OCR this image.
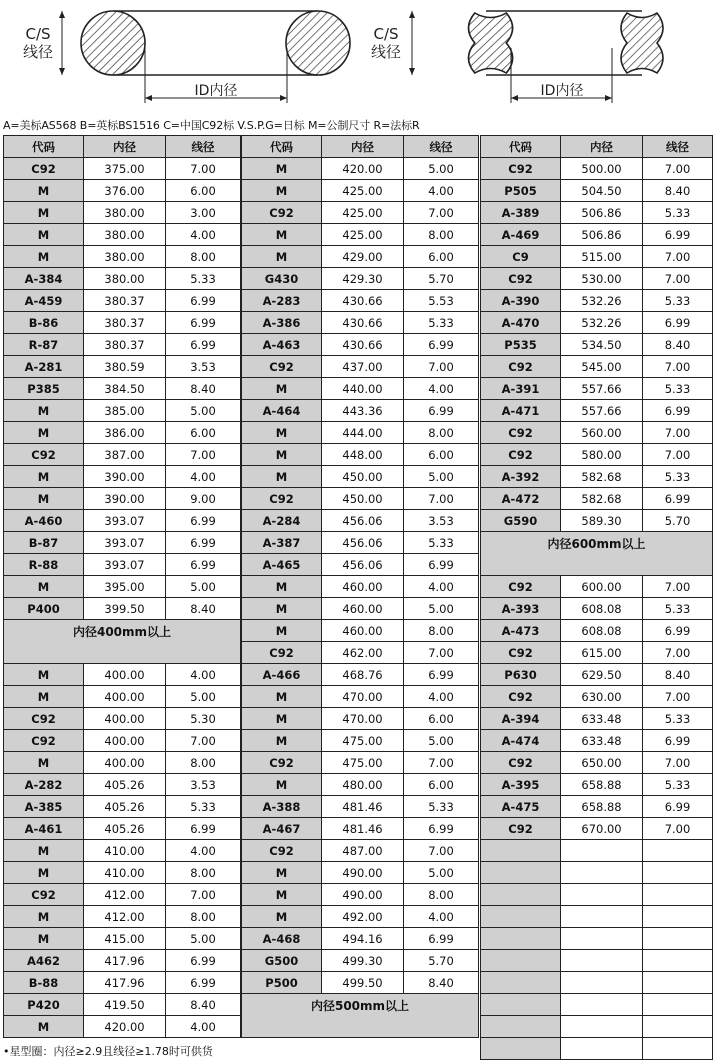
C/S
线径
C/S
线径
ID内径	ID内径
A=美标AS568 B=英标BS1516 C=中国C92标 V.S.P.G=日标 M=公制尺寸 R=法标R
代码	内径	线径
C92	375.00	7.00
M	376.00	6.00
M	380.00	3.00
M	380.00	4.00
M	380.00	8.00
A-384	380.00	5.33
A-459	380.37	6.99
B-86	380.37	6.99
R-87	380.37	6.99
A-281	380.59	3.53
P385	384.50	8.40
M	385.00	5.00
M	386.00	6.00
C92	387.00	7.00
M	390.00	4.00
M	390.00	9.00
A-460	393.07	6.99
B-87	393.07	6.99
R-88	393.07	6.99
M	395.00	5.00
P400	399.50	8.40
内径400mm以上		
M	400.00	4.00
M	400.00	5.00
C92	400.00	5.30
C92	400.00	7.00
M	400.00	8.00
A-282	405.26	3.53
A-385	405.26	5.33
A-461	405.26	6.99
M	410.00	4.00
M	410.00	8.00
C92	412.00	7.00
M	412.00	8.00
M	415.00	5.00
A462	417.96	6.99
B-88	417.96	6.99
P420	419.50	8.40
M	420.00	4.00
代码	内径	线径
M	420.00	5.00
M	425.00	4.00
C92	425.00	7.00
M	425.00	8.00
M	429.00	6.00
G430	429.30	5.70
A-283	430.66	5.53
A-386	430.66	5.33
A-463	430.66	6.99
C92	437.00	7.00
M	440.00	4.00
A-464	443.36	6.99
M	444.00	8.00
M	448.00	6.00
M	450.00	5.00
C92	450.00	7.00
A-284	456.06	3.53
A-387	456.06	5.33
A-465	456.06	6.99
M	460.00	4.00
M	460.00	5.00
M	460.00	8.00
C92	462.00	7.00
A-466	468.76	6.99
M	470.00	4.00
M	470.00	6.00
M	475.00	5.00
C92	475.00	7.00
M	480.00	6.00
A-388	481.46	5.33
A-467	481.46	6.99
C92	487.00	7.00
M	490.00	5.00
M	490.00	8.00
M	492.00	4.00
A-468	494.16	6.99
G500	499.30	5.70
P500	499.50	8.40
内径500mm以上		
代码	内径	线径
C92	500.00	7.00
P505	504.50	8.40
A-389	506.86	5.33
A-469	506.86	6.99
C9	515.00	7.00
C92	530.00	7.00
A-390	532.26	5.33
A-470	532.26	6.99
P535	534.50	8.40
C92	545.00	7.00
A-391	557.66	5.33
A-471	557.66	6.99
C92	560.00	7.00
C92	580.00	7.00
A-392	582.68	5.33
A-472	582.68	6.99
G590	589.30	5.70
内径600mm以上		
C92	600.00	7.00
A-393	608.08	5.33
A-473	608.08	6.99
C92	615.00	7.00
P630	629.50	8.40
C92	630.00	7.00
A-394	633.48	5.33
A-474	633.48	6.99
C92	650.00	7.00
A-395	658.88	5.33
A-475	658.88	6.99
C92	670.00	7.00

•星型圈：内径≥2.9且线径≥1.78时可供货
